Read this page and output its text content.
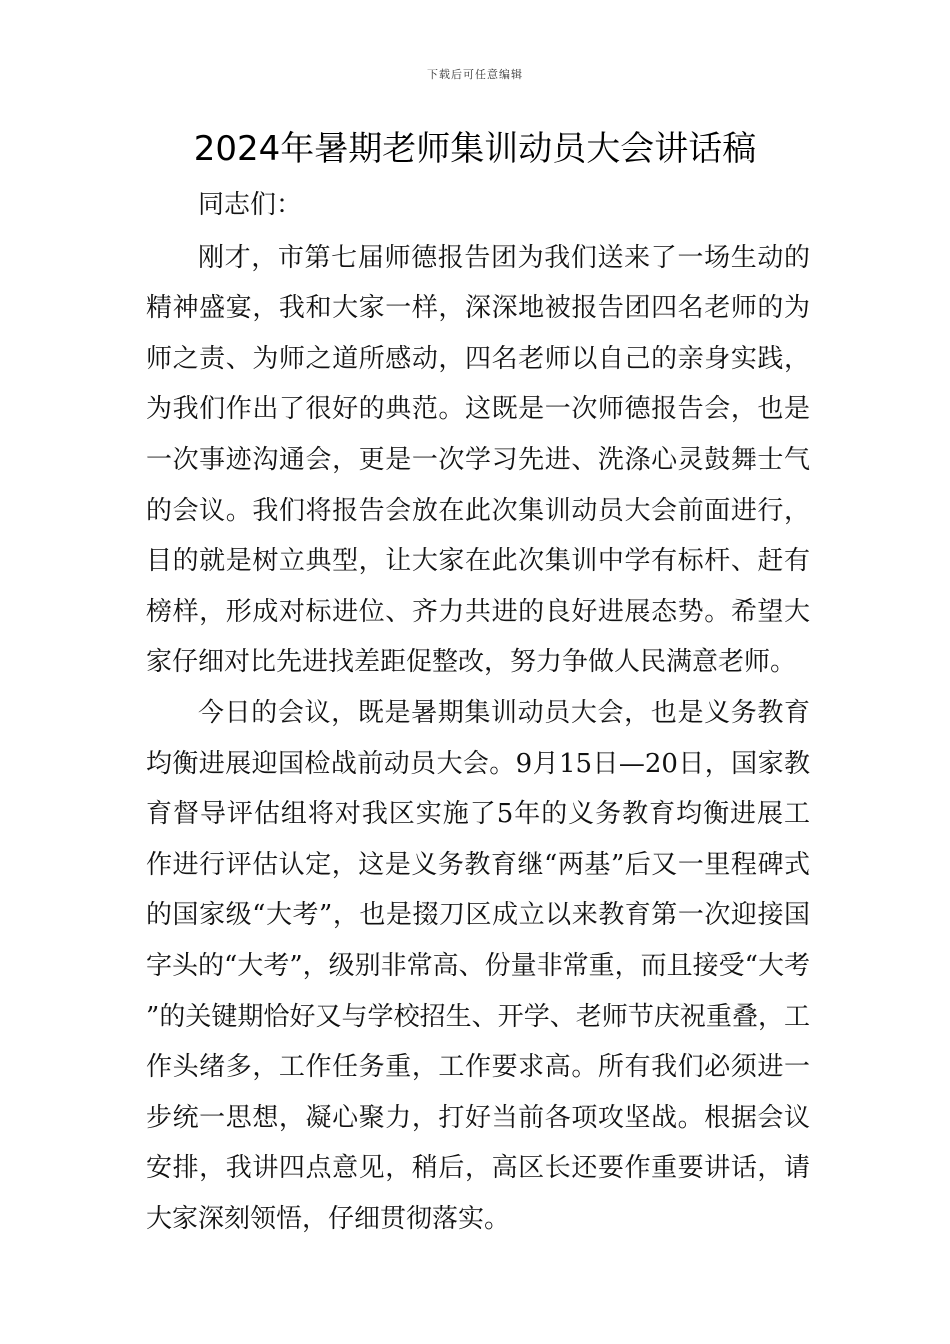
下载后可任意编辑
2024年暑期老师集训动员大会讲话稿

同志们：

刚才，市第七届师德报告团为我们送来了一场生动的精神盛宴，我和大家一样，深深地被报告团四名老师的为师之责、为师之道所感动，四名老师以自己的亲身实践，为我们作出了很好的典范。这既是一次师德报告会，也是一次事迹沟通会，更是一次学习先进、洗涤心灵鼓舞士气的会议。我们将报告会放在此次集训动员大会前面进行，目的就是树立典型，让大家在此次集训中学有标杆、赶有榜样，形成对标进位、齐力共进的良好进展态势。希望大家仔细对比先进找差距促整改，努力争做人民满意老师。

今日的会议，既是暑期集训动员大会，也是义务教育均衡进展迎国检战前动员大会。9月15日—20日，国家教育督导评估组将对我区实施了5年的义务教育均衡进展工作进行评估认定，这是义务教育继“两基”后又一里程碑式的国家级“大考”，也是掇刀区成立以来教育第一次迎接国字头的“大考”，级别非常高、份量非常重，而且接受“大考”的关键期恰好又与学校招生、开学、老师节庆祝重叠，工作头绪多，工作任务重，工作要求高。所有我们必须进一步统一思想，凝心聚力，打好当前各项攻坚战。根据会议安排，我讲四点意见，稍后，高区长还要作重要讲话，请大家深刻领悟，仔细贯彻落实。
